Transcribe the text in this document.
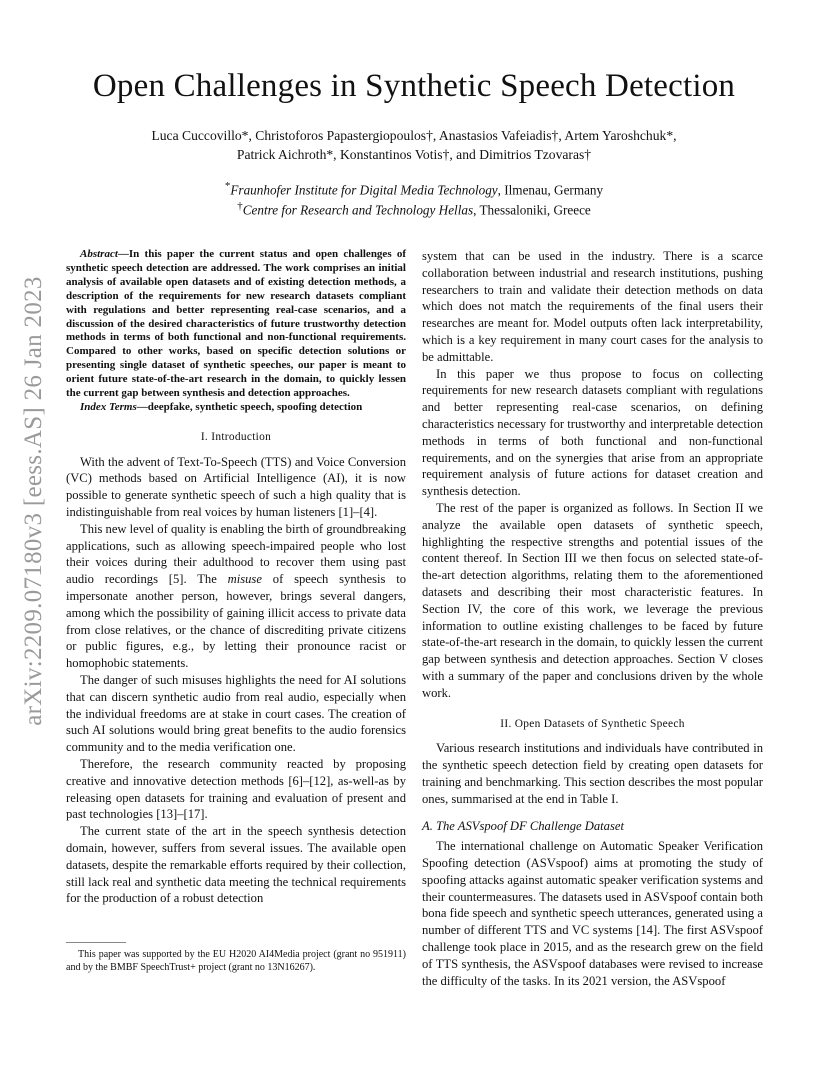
Open Challenges in Synthetic Speech Detection
Luca Cuccovillo*, Christoforos Papastergiopoulos†, Anastasios Vafeiadis†, Artem Yaroshchuk*,
Patrick Aichroth*, Konstantinos Votis†, and Dimitrios Tzovaras†
*Fraunhofer Institute for Digital Media Technology, Ilmenau, Germany
†Centre for Research and Technology Hellas, Thessaloniki, Greece
arXiv:2209.07180v3 [eess.AS] 26 Jan 2023

Abstract—In this paper the current status and open challenges of synthetic speech detection are addressed. The work comprises an initial analysis of available open datasets and of existing detection methods, a description of the requirements for new research datasets compliant with regulations and better representing real-case scenarios, and a discussion of the desired characteristics of future trustworthy detection methods in terms of both functional and non-functional requirements. Compared to other works, based on specific detection solutions or presenting single dataset of synthetic speeches, our paper is meant to orient future state-of-the-art research in the domain, to quickly lessen the current gap between synthesis and detection approaches.

Index Terms—deepfake, synthetic speech, spoofing detection

I. Introduction

With the advent of Text-To-Speech (TTS) and Voice Conversion (VC) methods based on Artificial Intelligence (AI), it is now possible to generate synthetic speech of such a high quality that is indistinguishable from real voices by human listeners [1]–[4].

This new level of quality is enabling the birth of groundbreaking applications, such as allowing speech-impaired people who lost their voices during their adulthood to recover them using past audio recordings [5]. The misuse of speech synthesis to impersonate another person, however, brings several dangers, among which the possibility of gaining illicit access to private data from close relatives, or the chance of discrediting private citizens or public figures, e.g., by letting their pronounce racist or homophobic statements.

The danger of such misuses highlights the need for AI solutions that can discern synthetic audio from real audio, especially when the individual freedoms are at stake in court cases. The creation of such AI solutions would bring great benefits to the audio forensics community and to the media verification one.

Therefore, the research community reacted by proposing creative and innovative detection methods [6]–[12], as-well-as by releasing open datasets for training and evaluation of present and past technologies [13]–[17].

The current state of the art in the speech synthesis detection domain, however, suffers from several issues. The available open datasets, despite the remarkable efforts required by their collection, still lack real and synthetic data meeting the technical requirements for the production of a robust detection

This paper was supported by the EU H2020 AI4Media project (grant no 951911) and by the BMBF SpeechTrust+ project (grant no 13N16267).

system that can be used in the industry. There is a scarce collaboration between industrial and research institutions, pushing researchers to train and validate their detection methods on data which does not match the requirements of the final users their researches are meant for. Model outputs often lack interpretability, which is a key requirement in many court cases for the analysis to be admittable.

In this paper we thus propose to focus on collecting requirements for new research datasets compliant with regulations and better representing real-case scenarios, on defining characteristics necessary for trustworthy and interpretable detection methods in terms of both functional and non-functional requirements, and on the synergies that arise from an appropriate requirement analysis of future actions for dataset creation and synthesis detection.

The rest of the paper is organized as follows. In Section II we analyze the available open datasets of synthetic speech, highlighting the respective strengths and potential issues of the content thereof. In Section III we then focus on selected state-of-the-art detection algorithms, relating them to the aforementioned datasets and describing their most characteristic features. In Section IV, the core of this work, we leverage the previous information to outline existing challenges to be faced by future state-of-the-art research in the domain, to quickly lessen the current gap between synthesis and detection approaches. Section V closes with a summary of the paper and conclusions driven by the whole work.

II. Open Datasets of Synthetic Speech

Various research institutions and individuals have contributed in the synthetic speech detection field by creating open datasets for training and benchmarking. This section describes the most popular ones, summarised at the end in Table I.

A. The ASVspoof DF Challenge Dataset

The international challenge on Automatic Speaker Verification Spoofing detection (ASVspoof) aims at promoting the study of spoofing attacks against automatic speaker verification systems and their countermeasures. The datasets used in ASVspoof contain both bona fide speech and synthetic speech utterances, generated using a number of different TTS and VC systems [14]. The first ASVspoof challenge took place in 2015, and as the research grew on the field of TTS synthesis, the ASVspoof databases were revised to increase the difficulty of the tasks. In its 2021 version, the ASVspoof
